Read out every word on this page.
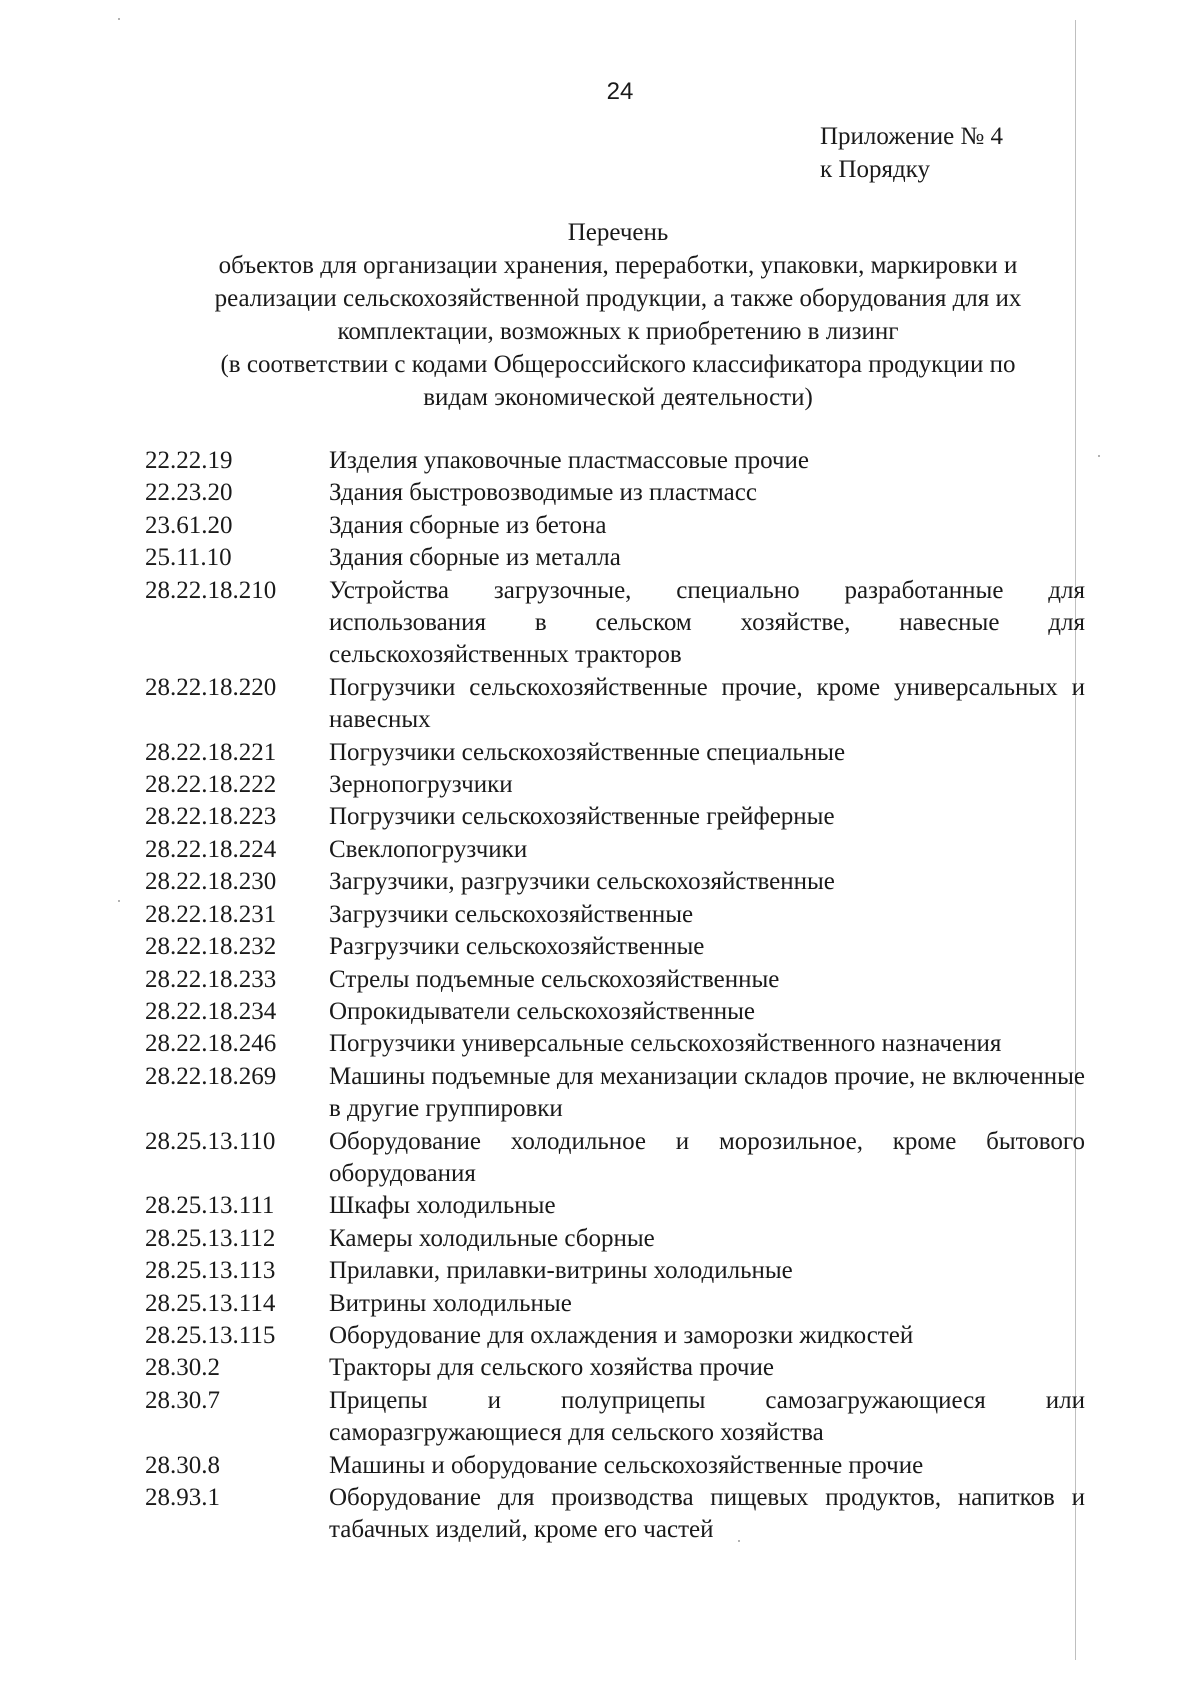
24
Приложение № 4
к Порядку
Перечень
объектов для организации хранения, переработки, упаковки, маркировки и
реализации сельскохозяйственной продукции, а также оборудования для их
комплектации, возможных к приобретению в лизинг
(в соответствии с кодами Общероссийского классификатора продукции по
видам экономической деятельности)
22.22.19	Изделия упаковочные пластмассовые прочие
22.23.20	Здания быстровозводимые из пластмасс
23.61.20	Здания сборные из бетона
25.11.10	Здания сборные из металла
28.22.18.210	Устройства загрузочные, специально разработанные для использования в сельском хозяйстве, навесные для сельскохозяйственных тракторов
28.22.18.220	Погрузчики сельскохозяйственные прочие, кроме универсальных и навесных
28.22.18.221	Погрузчики сельскохозяйственные специальные
28.22.18.222	Зернопогрузчики
28.22.18.223	Погрузчики сельскохозяйственные грейферные
28.22.18.224	Свеклопогрузчики
28.22.18.230	Загрузчики, разгрузчики сельскохозяйственные
28.22.18.231	Загрузчики сельскохозяйственные
28.22.18.232	Разгрузчики сельскохозяйственные
28.22.18.233	Стрелы подъемные сельскохозяйственные
28.22.18.234	Опрокидыватели сельскохозяйственные
28.22.18.246	Погрузчики универсальные сельскохозяйственного назначения
28.22.18.269	Машины подъемные для механизации складов прочие, не включенные в другие группировки
28.25.13.110	Оборудование холодильное и морозильное, кроме бытового оборудования
28.25.13.111	Шкафы холодильные
28.25.13.112	Камеры холодильные сборные
28.25.13.113	Прилавки, прилавки-витрины холодильные
28.25.13.114	Витрины холодильные
28.25.13.115	Оборудование для охлаждения и заморозки жидкостей
28.30.2	Тракторы для сельского хозяйства прочие
28.30.7	Прицепы и полуприцепы самозагружающиеся или саморазгружающиеся для сельского хозяйства
28.30.8	Машины и оборудование сельскохозяйственные прочие
28.93.1	Оборудование для производства пищевых продуктов, напитков и табачных изделий, кроме его частей
